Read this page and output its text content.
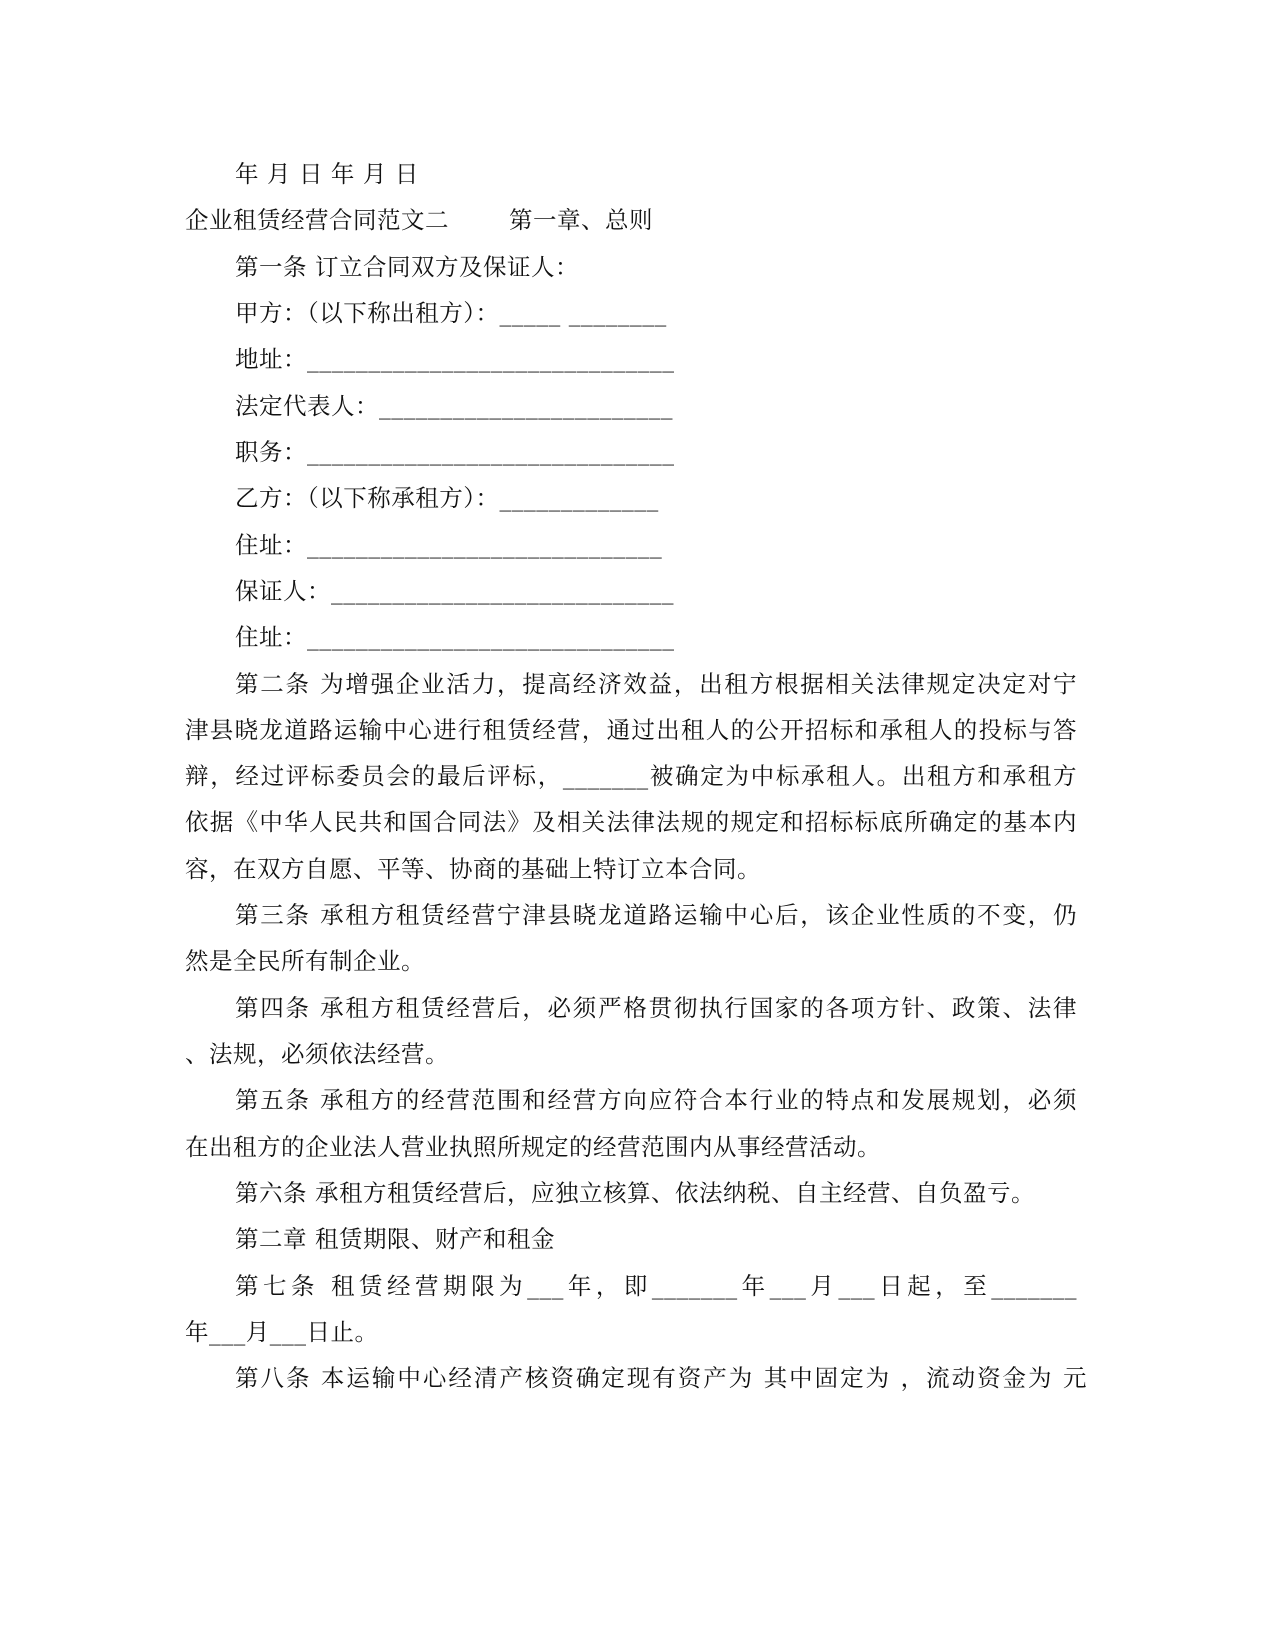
年 月 日 年 月 日
企业租赁经营合同范文二	第一章、总则
第一条 订立合同双方及保证人：
甲方：（以下称出租方）：_____ ________
地址：______________________________
法定代表人：________________________
职务：______________________________
乙方：（以下称承租方）：_____________
住址：_____________________________
保证人：____________________________
住址：______________________________
第二条 为增强企业活力，提高经济效益，出租方根据相关法律规定决定对宁
津县晓龙道路运输中心进行租赁经营，通过出租人的公开招标和承租人的投标与答
辩，经过评标委员会的最后评标，_______被确定为中标承租人。出租方和承租方
依据《中华人民共和国合同法》及相关法律法规的规定和招标标底所确定的基本内
容，在双方自愿、平等、协商的基础上特订立本合同。
第三条 承租方租赁经营宁津县晓龙道路运输中心后，该企业性质的不变，仍
然是全民所有制企业。
第四条 承租方租赁经营后，必须严格贯彻执行国家的各项方针、政策、法律
、法规，必须依法经营。
第五条 承租方的经营范围和经营方向应符合本行业的特点和发展规划，必须
在出租方的企业法人营业执照所规定的经营范围内从事经营活动。
第六条 承租方租赁经营后，应独立核算、依法纳税、自主经营、自负盈亏。
第二章 租赁期限、财产和租金
第七条 租赁经营期限为___年，即_______年___月___日起，至_______
年___月___日止。
第八条 本运输中心经清产核资确定现有资产为 其中固定为 ，流动资金为 元
